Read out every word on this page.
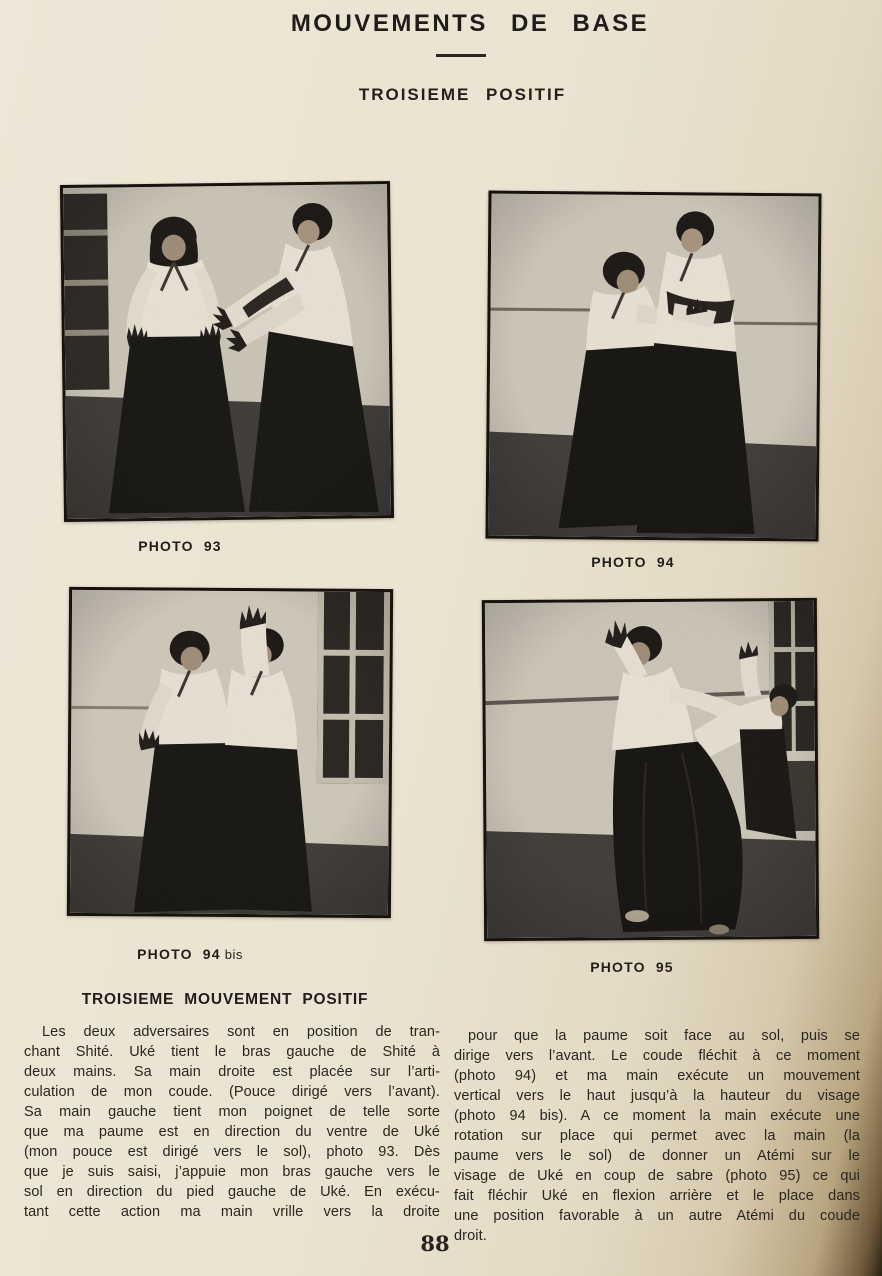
MOUVEMENTS DE BASE
TROISIEME POSITIF
PHOTO 93
PHOTO 94
PHOTO 94 bis
PHOTO 95
TROISIEME MOUVEMENT POSITIF
Les deux adversaires sont en position de tran-
chant Shité. Uké tient le bras gauche de Shité à
deux mains. Sa main droite est placée sur l’arti-
culation de mon coude. (Pouce dirigé vers l’avant).
Sa main gauche tient mon poignet de telle sorte
que ma paume est en direction du ventre de Uké
(mon pouce est dirigé vers le sol), photo 93. Dès
que je suis saisi, j’appuie mon bras gauche vers le
sol en direction du pied gauche de Uké. En exécu-
tant cette action ma main vrille vers la droite
pour que la paume soit face au sol, puis se
dirige vers l’avant. Le coude fléchit à ce moment
(photo 94) et ma main exécute un mouvement
vertical vers le haut jusqu’à la hauteur du visage
(photo 94 bis). A ce moment la main exécute une
rotation sur place qui permet avec la main (la
paume vers le sol) de donner un Atémi sur le
visage de Uké en coup de sabre (photo 95) ce qui
fait fléchir Uké en flexion arrière et le place dans
une position favorable à un autre Atémi du coude
droit.
88
